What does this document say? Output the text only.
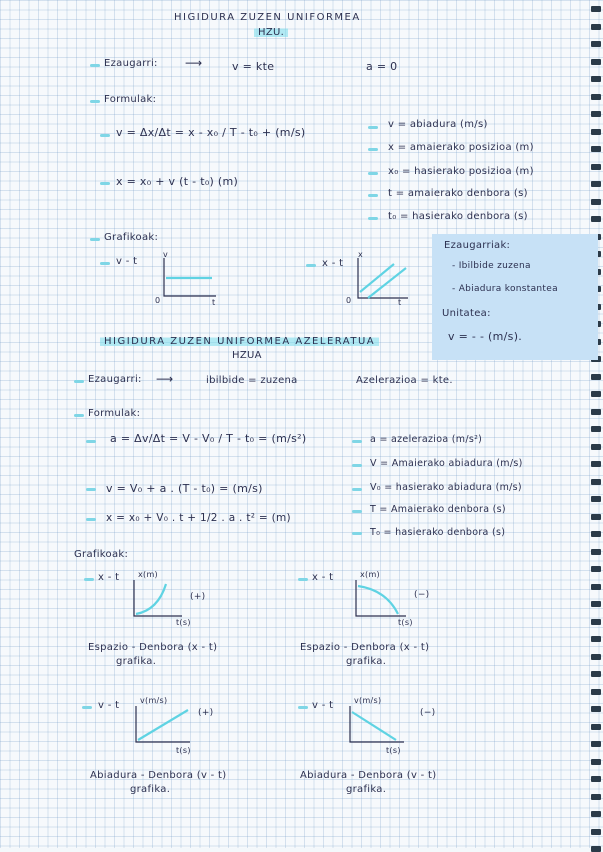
HIGIDURA ZUZEN UNIFORMEA
HZU.
Ezaugarri: ⟶	v = kte	a = 0
Formulak:
v = Δx/Δt = x - x₀ / T - t₀ + (m/s)
x = x₀ + v (t - t₀) (m)
v = abiadura (m/s)
x = amaierako posizioa (m)
x₀ = hasierako posizioa (m)
t = amaierako denbora (s)
t₀ = hasierako denbora (s)
Grafikoak:
v - t
v
0	t
x - t
x
0	t
Ezaugarriak:
- Ibilbide zuzena
- Abiadura konstantea
Unitatea:
v = - - (m/s).
HIGIDURA ZUZEN UNIFORMEA AZELERATUA
HZUA
Ezaugarri: ⟶	ibilbide = zuzena	Azelerazioa = kte.
Formulak:
a = Δv/Δt = V - V₀ / T - t₀ = (m/s²)
v = V₀ + a . (T - t₀) = (m/s)
x = x₀ + V₀ . t + 1/2 . a . t² = (m)
a = azelerazioa (m/s²)
V = Amaierako abiadura (m/s)
V₀ = hasierako abiadura (m/s)
T = Amaierako denbora (s)
T₀ = hasierako denbora (s)
Grafikoak:
x - t x(m)
t(s)
(+)
Espazio - Denbora (x - t)
grafika.
x - t	x(m)
t(s)
(−)
Espazio - Denbora (x - t)
grafika.
v - t	v(m/s)
t(s)
(+)
Abiadura - Denbora (v - t)
grafika.
v - t	v(m/s)
t(s)
(−)
Abiadura - Denbora (v - t)
grafika.
